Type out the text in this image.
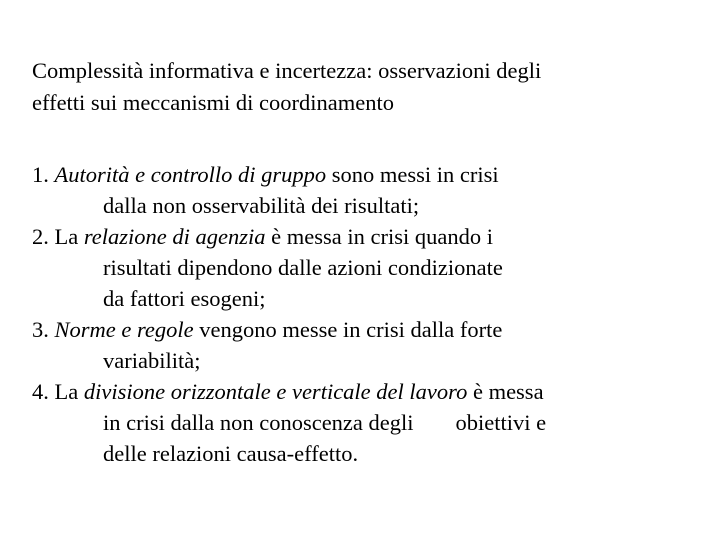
Complessità informativa e incertezza: osservazioni degli
effetti sui meccanismi di coordinamento

1. Autorità e controllo di gruppo sono messi in crisi
dalla non osservabilità dei risultati;

2. La relazione di agenzia è messa in crisi quando i
risultati dipendono dalle azioni condizionate
da fattori esogeni;

3. Norme e regole vengono messe in crisi dalla forte
variabilità;

4. La divisione orizzontale e verticale del lavoro è messa
in crisi dalla non conoscenza degli obiettivi e
delle relazioni causa-effetto.
